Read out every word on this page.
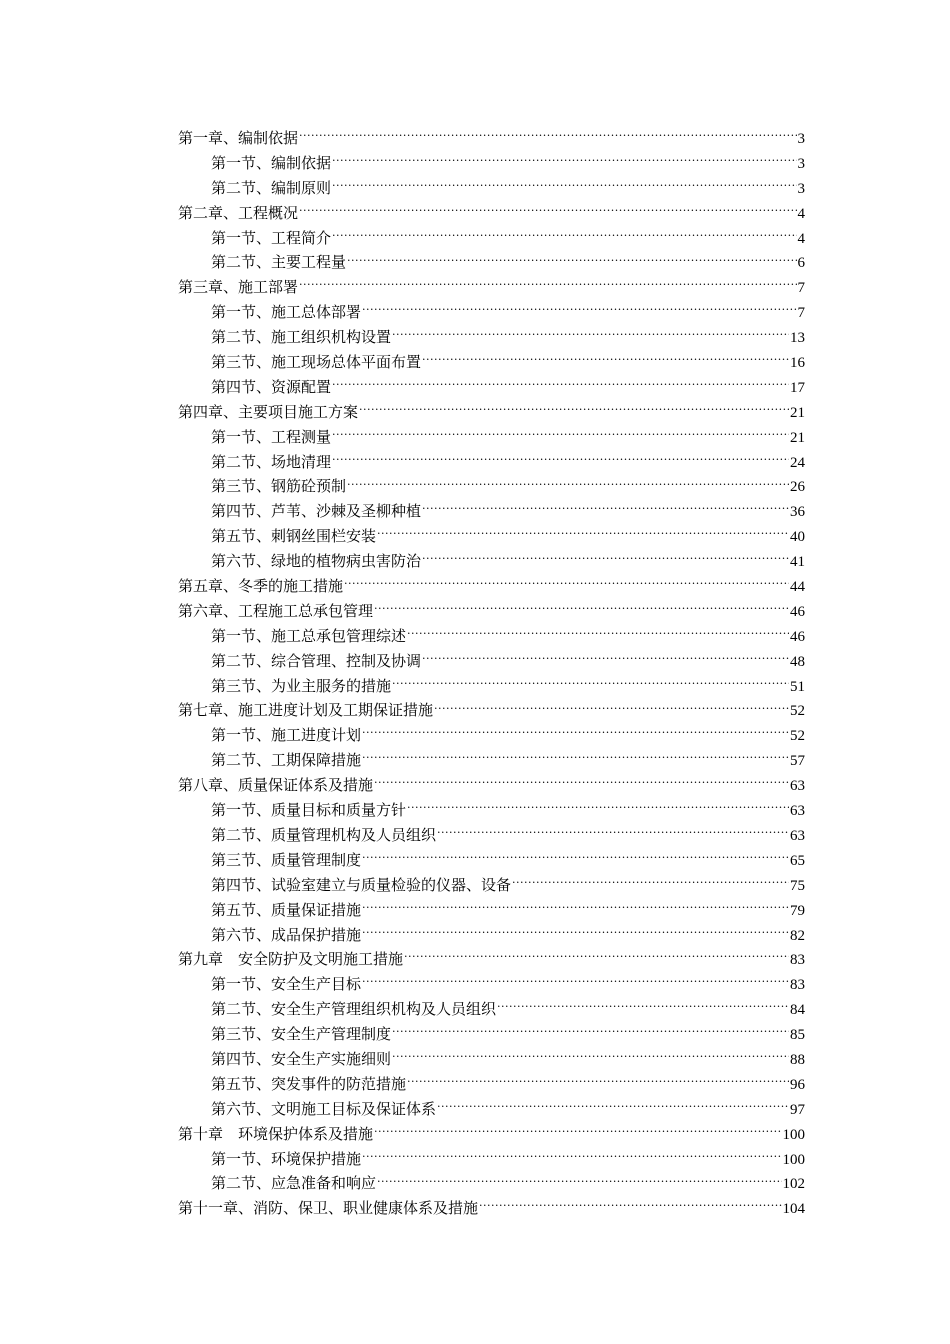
第一章、编制依据 .....	3
第一节、编制依据 .....	3
第二节、编制原则 .....	3
第二章、工程概况 .....	4
第一节、工程简介 .....	4
第二节、主要工程量 .....	6
第三章、施工部署 .....	7
第一节、施工总体部署 .....	7
第二节、施工组织机构设置 .....	13
第三节、施工现场总体平面布置 .....	16
第四节、资源配置 .....	17
第四章、主要项目施工方案 .....	21
第一节、工程测量 .....	21
第二节、场地清理 .....	24
第三节、钢筋砼预制 .....	26
第四节、芦苇、沙棘及圣柳种植 .....	36
第五节、刺钢丝围栏安装 .....	40
第六节、绿地的植物病虫害防治 .....	41
第五章、冬季的施工措施 .....	44
第六章、工程施工总承包管理 .....	46
第一节、施工总承包管理综述 .....	46
第二节、综合管理、控制及协调 .....	48
第三节、为业主服务的措施 .....	51
第七章、施工进度计划及工期保证措施 .....	52
第一节、施工进度计划 .....	52
第二节、工期保障措施 .....	57
第八章、质量保证体系及措施 .....	63
第一节、质量目标和质量方针 .....	63
第二节、质量管理机构及人员组织 .....	63
第三节、质量管理制度 .....	65
第四节、试验室建立与质量检验的仪器、设备 .....	75
第五节、质量保证措施 .....	79
第六节、成品保护措施 .....	82
第九章　安全防护及文明施工措施 .....	83
第一节、安全生产目标 .....	83
第二节、安全生产管理组织机构及人员组织 .....	84
第三节、安全生产管理制度 .....	85
第四节、安全生产实施细则 .....	88
第五节、突发事件的防范措施 .....	96
第六节、文明施工目标及保证体系 .....	97
第十章　环境保护体系及措施 .....	100
第一节、环境保护措施 .....	100
第二节、应急准备和响应 .....	102
第十一章、消防、保卫、职业健康体系及措施 .....	104
